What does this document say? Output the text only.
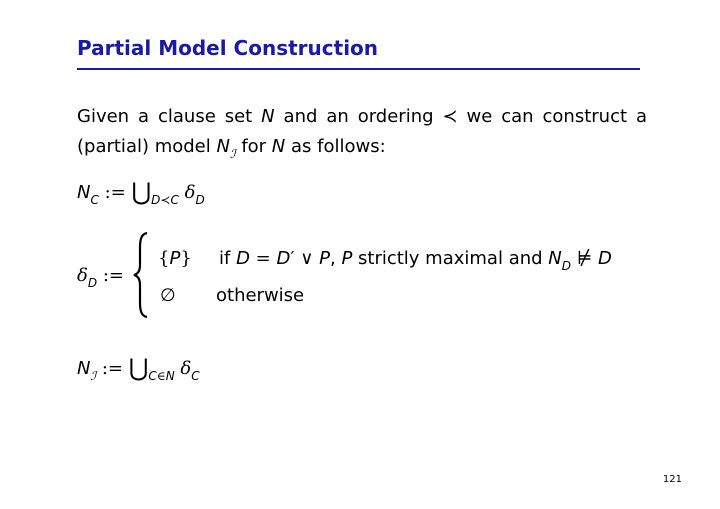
Partial Model Construction
Given a clause set N and an ordering ≺ we can construct a
(partial) model $N_ℐ$ for N as follows:
$N_C$ := $⋃_{D≺C}$ $\delta_D$
$\delta_D$ :=
{P} if D = D′ ∨ P, P strictly maximal and $N_D$ ⊭ D
∅ otherwise
$N_ℐ$ := $⋃_{C\in N}$ $\delta_C$
121
